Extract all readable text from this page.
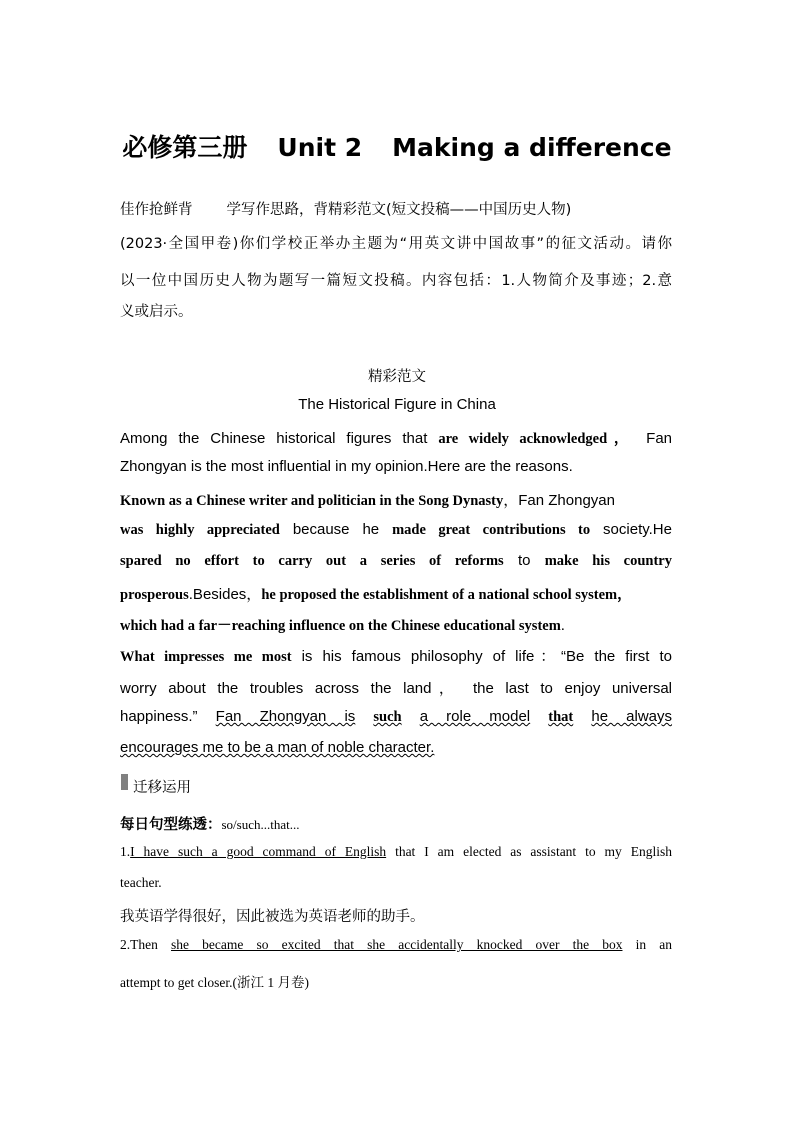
必修第三册 Unit 2 Making a difference
佳作抢鲜背 学写作思路，背精彩范文(短文投稿——中国历史人物)
(2023·全国甲卷)你们学校正举办主题为“用英文讲中国故事”的征文活动。请你
以一位中国历史人物为题写一篇短文投稿。内容包括：1.人物简介及事迹；2.意
义或启示。
精彩范文
The Historical Figure in China
Among the Chinese historical figures that are widely acknowledged， Fan
Zhongyan is the most influential in my opinion.Here are the reasons.
Known as a Chinese writer and politician in the Song Dynasty，Fan Zhongyan
was highly appreciated because he made great contributions to society.He
spared no effort to carry out a series of reforms to make his country
prosperous.Besides，he proposed the establishment of a national school system，
which had a far－reaching influence on the Chinese educational system.
What impresses me most is his famous philosophy of life：“Be the first to
worry about the troubles across the land， the last to enjoy universal
happiness.” Fan Zhongyan is such a role model that he always
encourages me to be a man of noble character.
迁移运用
每日句型练透：so/such...that...
1.I have such a good command of English that I am elected as assistant to my English
teacher.
我英语学得很好，因此被选为英语老师的助手。
2.Then she became so excited that she accidentally knocked over the box in an
attempt to get closer.(浙江 1 月卷)
